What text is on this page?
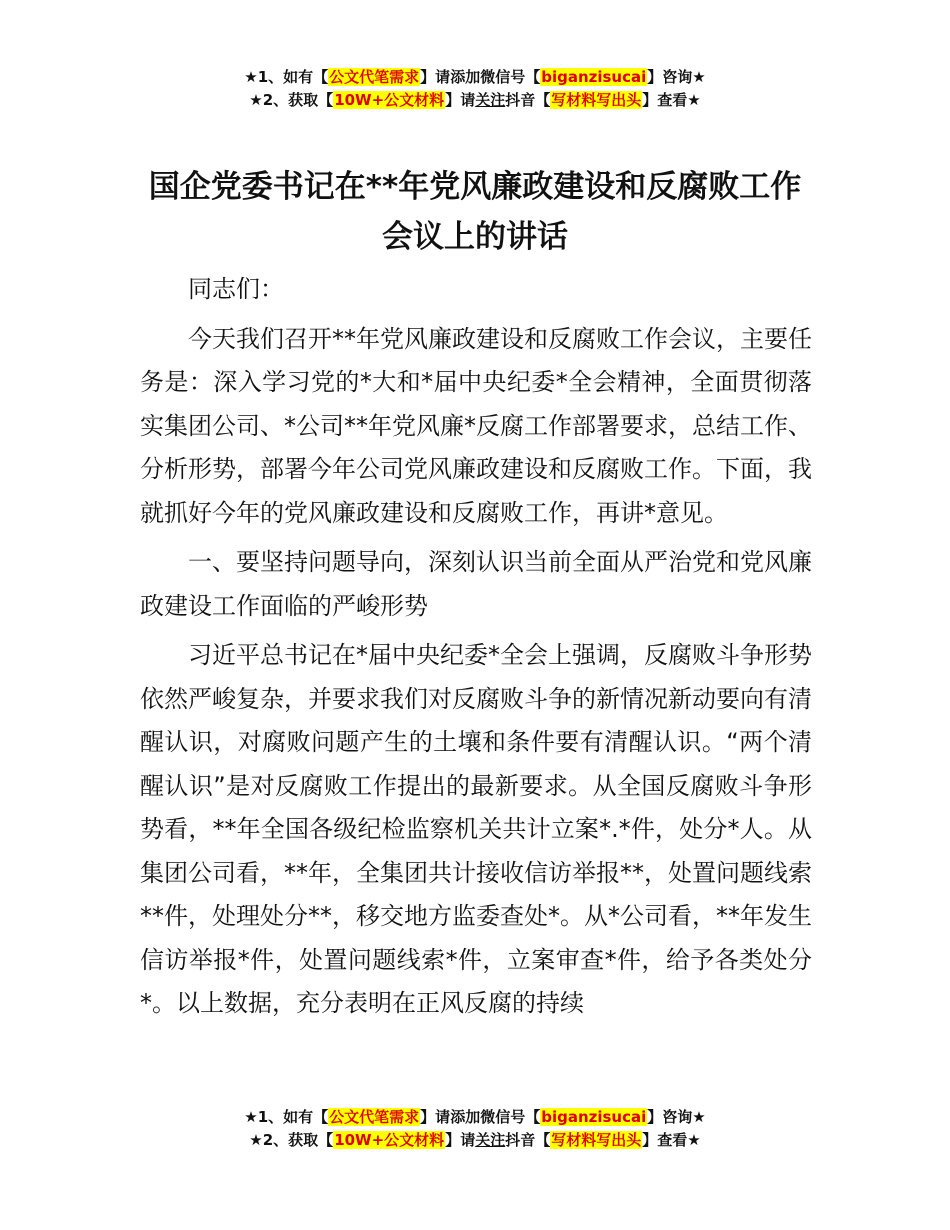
★1、如有【公文代笔需求】请添加微信号【biganzisucai】咨询★
★2、获取【10W+公文材料】请关注抖音【写材料写出头】查看★
国企党委书记在**年党风廉政建设和反腐败工作会议上的讲话

同志们：

今天我们召开**年党风廉政建设和反腐败工作会议，主要任务是：深入学习党的*大和*届中央纪委*全会精神，全面贯彻落实集团公司、*公司**年党风廉*反腐工作部署要求，总结工作、分析形势，部署今年公司党风廉政建设和反腐败工作。下面，我就抓好今年的党风廉政建设和反腐败工作，再讲*意见。

一、要坚持问题导向，深刻认识当前全面从严治党和党风廉政建设工作面临的严峻形势

习近平总书记在*届中央纪委*全会上强调，反腐败斗争形势依然严峻复杂，并要求我们对反腐败斗争的新情况新动要向有清醒认识，对腐败问题产生的土壤和条件要有清醒认识。“两个清醒认识”是对反腐败工作提出的最新要求。从全国反腐败斗争形势看，**年全国各级纪检监察机关共计立案*.*件，处分*人。从集团公司看，**年，全集团共计接收信访举报**，处置问题线索**件，处理处分**，移交地方监委查处*。从*公司看，**年发生信访举报*件，处置问题线索*件，立案审查*件，给予各类处分*。以上数据，充分表明在正风反腐的持续

★1、如有【公文代笔需求】请添加微信号【biganzisucai】咨询★
★2、获取【10W+公文材料】请关注抖音【写材料写出头】查看★
